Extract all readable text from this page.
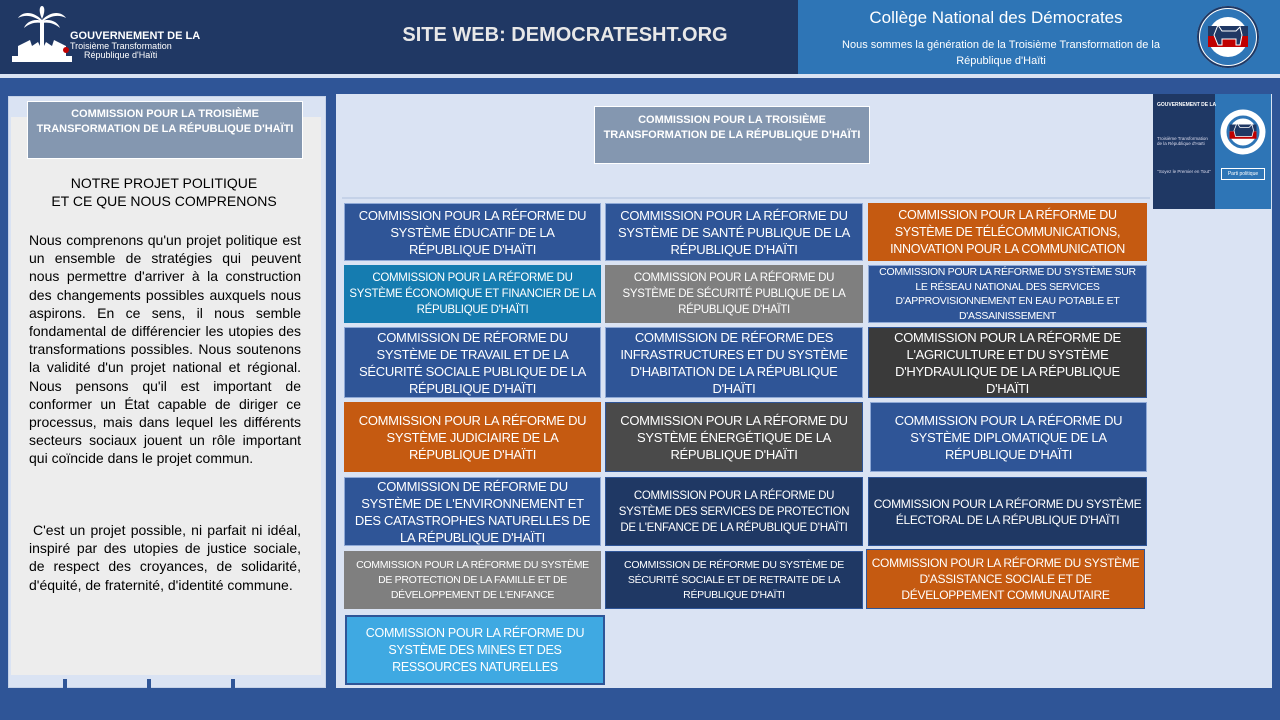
GOUVERNEMENT DE LA
Troisième Transformation
République d'Haïti
SITE WEB: DEMOCRATESHT.ORG
Collège National des Démocrates
Nous sommes la génération de la Troisième Transformation de la République d'Haïti
COMMISSION POUR LA TROISIÈME TRANSFORMATION DE LA RÉPUBLIQUE D'HAÏTI
NOTRE PROJET POLITIQUE
ET CE QUE NOUS COMPRENONS
Nous comprenons qu'un projet politique est un ensemble de stratégies qui peuvent nous permettre d'arriver à la construction des changements possibles auxquels nous aspirons. En ce sens, il nous semble fondamental de différencier les utopies des transformations possibles. Nous soutenons la validité d'un projet national et régional. Nous pensons qu'il est important de conformer un État capable de diriger ce processus, mais dans lequel les différents secteurs sociaux jouent un rôle important qui coïncide dans le projet commun.
C'est un projet possible, ni parfait ni idéal, inspiré par des utopies de justice sociale, de respect des croyances, de solidarité, d'équité, de fraternité, d'identité commune.
COMMISSION POUR LA TROISIÈME TRANSFORMATION DE LA RÉPUBLIQUE D'HAÏTI
GOUVERNEMENT DE LA
Troisième Transformation de la République d'Haïti
"Soyez le Premier en Tout"	Parti politique
COMMISSION POUR LA RÉFORME DU SYSTÈME ÉDUCATIF DE LA RÉPUBLIQUE D'HAÏTI
COMMISSION POUR LA RÉFORME DU SYSTÈME DE SANTÉ PUBLIQUE DE LA RÉPUBLIQUE D'HAÏTI
COMMISSION POUR LA RÉFORME DU SYSTÈME DE TÉLÉCOMMUNICATIONS, INNOVATION POUR LA COMMUNICATION
COMMISSION POUR LA RÉFORME DU SYSTÈME ÉCONOMIQUE ET FINANCIER DE LA RÉPUBLIQUE D'HAÏTI
COMMISSION POUR LA RÉFORME DU SYSTÈME DE SÉCURITÉ PUBLIQUE DE LA RÉPUBLIQUE D'HAÏTI
COMMISSION POUR LA RÉFORME DU SYSTÈME SUR LE RÉSEAU NATIONAL DES SERVICES D'APPROVISIONNEMENT EN EAU POTABLE ET D'ASSAINISSEMENT
COMMISSION DE RÉFORME DU SYSTÈME DE TRAVAIL ET DE LA SÉCURITÉ SOCIALE PUBLIQUE DE LA RÉPUBLIQUE D'HAÏTI
COMMISSION DE RÉFORME DES INFRASTRUCTURES ET DU SYSTÈME D'HABITATION DE LA RÉPUBLIQUE D'HAÏTI
COMMISSION POUR LA RÉFORME DE L'AGRICULTURE ET DU SYSTÈME D'HYDRAULIQUE DE LA RÉPUBLIQUE D'HAÏTI
COMMISSION POUR LA RÉFORME DU SYSTÈME JUDICIAIRE DE LA RÉPUBLIQUE D'HAÏTI
COMMISSION POUR LA RÉFORME DU SYSTÈME ÉNERGÉTIQUE DE LA RÉPUBLIQUE D'HAÏTI
COMMISSION POUR LA RÉFORME DU SYSTÈME DIPLOMATIQUE DE LA RÉPUBLIQUE D'HAÏTI
COMMISSION DE RÉFORME DU SYSTÈME DE L'ENVIRONNEMENT ET DES CATASTROPHES NATURELLES DE LA RÉPUBLIQUE D'HAÏTI
COMMISSION POUR LA RÉFORME DU SYSTÈME DES SERVICES DE PROTECTION DE L'ENFANCE DE LA RÉPUBLIQUE D'HAÏTI
COMMISSION POUR LA RÉFORME DU SYSTÈME ÉLECTORAL DE LA RÉPUBLIQUE D'HAÏTI
COMMISSION POUR LA RÉFORME DU SYSTÈME DE PROTECTION DE LA FAMILLE ET DE DÉVELOPPEMENT DE L'ENFANCE
COMMISSION DE RÉFORME DU SYSTÈME DE SÉCURITÉ SOCIALE ET DE RETRAITE DE LA RÉPUBLIQUE D'HAÏTI
COMMISSION POUR LA RÉFORME DU SYSTÈME D'ASSISTANCE SOCIALE ET DE DÉVELOPPEMENT COMMUNAUTAIRE
COMMISSION POUR LA RÉFORME DU SYSTÈME DES MINES ET DES RESSOURCES NATURELLES
